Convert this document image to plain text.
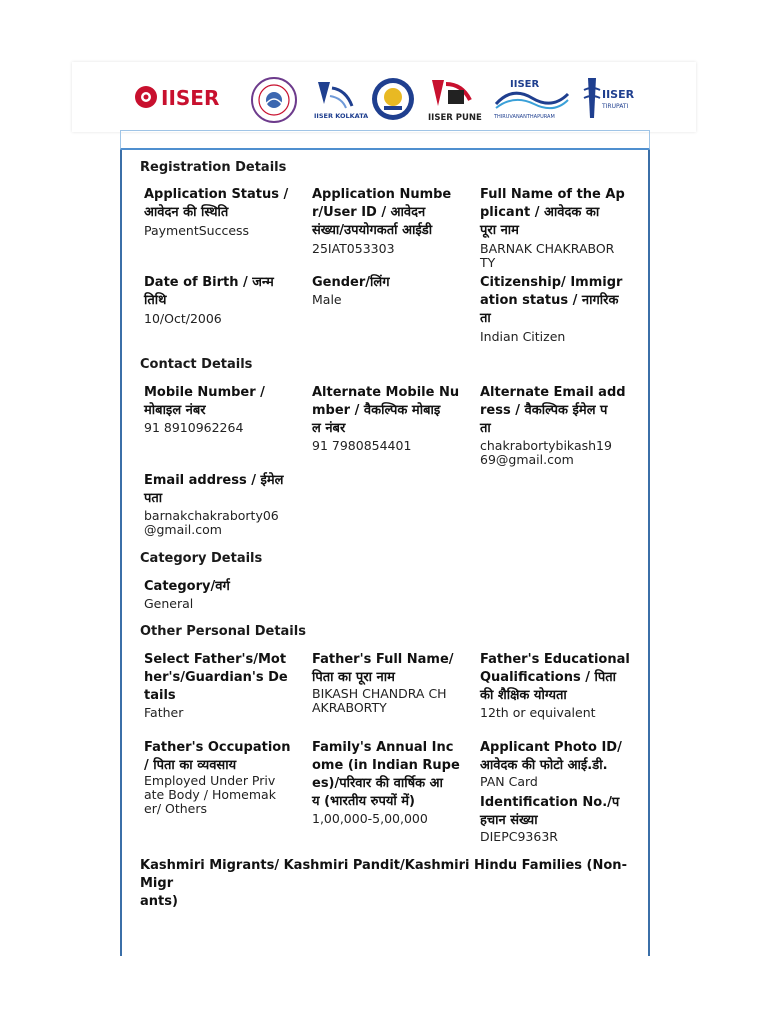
IISER
IISER KOLKATA	IISER PUNE
IISER
THIRUVANANTHAPURAM
IISER
TIRUPATI
Registration Details
Application Status /
आवेदन की स्थिति
PaymentSuccess
Application Numbe
r/User ID / आवेदन
संख्या/उपयोगकर्ता आईडी
25IAT053303
Full Name of the Ap
plicant / आवेदक का
पूरा नाम
BARNAK CHAKRABOR
TY
Date of Birth / जन्म
तिथि
10/Oct/2006
Gender/लिंग
Male
Citizenship/ Immigr
ation status / नागरिक
ता
Indian Citizen
Contact Details
Mobile Number /
मोबाइल नंबर
91 8910962264
Alternate Mobile Nu
mber / वैकल्पिक मोबाइ
ल नंबर
91 7980854401
Alternate Email add
ress / वैकल्पिक ईमेल प
ता
chakrabortybikash19
69@gmail.com
Email address / ईमेल
पता
barnakchakraborty06
@gmail.com
Category Details
Category/वर्ग
General
Other Personal Details
Select Father's/Mot
her's/Guardian's De
tails
Father
Father's Full Name/
पिता का पूरा नाम
BIKASH CHANDRA CH
AKRABORTY
Father's Educational
Qualifications / पिता
की शैक्षिक योग्यता
12th or equivalent
Father's Occupation
/ पिता का व्यवसाय
Employed Under Priv
ate Body / Homemak
er/ Others
Family's Annual Inc
ome (in Indian Rupe
es)/परिवार की वार्षिक आ
य (भारतीय रुपयों में)
1,00,000-5,00,000
Applicant Photo ID/
आवेदक की फोटो आई.डी.
PAN Card
Identification No./प
हचान संख्या
DIEPC9363R
Kashmiri Migrants/ Kashmiri Pandit/Kashmiri Hindu Families (Non-Migr
ants)
